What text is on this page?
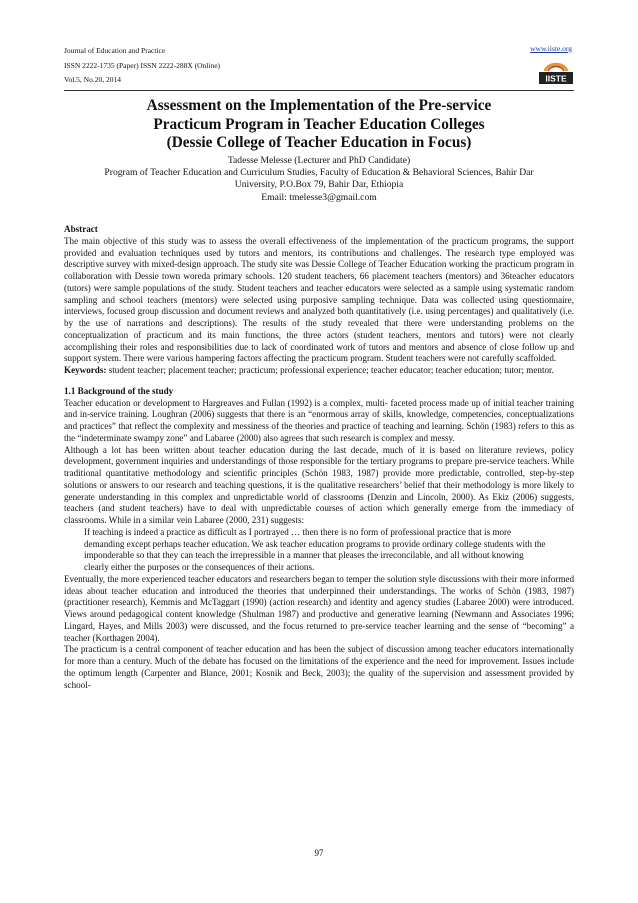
Journal of Education and Practice
ISSN 2222-1735 (Paper) ISSN 2222-288X (Online)
Vol.5, No.20, 2014
www.iiste.org
IISTE
Assessment on the Implementation of the Pre-service
Practicum Program in Teacher Education Colleges
(Dessie College of Teacher Education in Focus)
Tadesse Melesse (Lecturer and PhD Candidate)
Program of Teacher Education and Curriculum Studies, Faculty of Education & Behavioral Sciences, Bahir Dar
University, P.O.Box 79, Bahir Dar, Ethiopia
Email: tmelesse3@gmail.com

Abstract

The main objective of this study was to assess the overall effectiveness of the implementation of the practicum programs, the support provided and evaluation techniques used by tutors and mentors, its contributions and challenges. The research type employed was descriptive survey with mixed-design approach. The study site was Dessie College of Teacher Education working the practicum program in collaboration with Dessie town woreda primary schools. 120 student teachers, 66 placement teachers (mentors) and 36teacher educators (tutors) were sample populations of the study. Student teachers and teacher educators were selected as a sample using systematic random sampling and school teachers (mentors) were selected using purposive sampling technique. Data was collected using questionnaire, interviews, focused group discussion and document reviews and analyzed both quantitatively (i.e. using percentages) and qualitatively (i.e. by the use of narrations and descriptions). The results of the study revealed that there were understanding problems on the conceptualization of practicum and its main functions, the three actors (student teachers, mentors and tutors) were not clearly accomplishing their roles and responsibilities due to lack of coordinated work of tutors and mentors and absence of close follow up and support system. There were various hampering factors affecting the practicum program. Student teachers were not carefully scaffolded.

Keywords: student teacher; placement teacher; practicum; professional experience; teacher educator; teacher education; tutor; mentor.

1.1 Background of the study

Teacher education or development to Hargreaves and Fullan (1992) is a complex, multi- faceted process made up of initial teacher training and in-service training. Loughran (2006) suggests that there is an “enormous array of skills, knowledge, competencies, conceptualizations and practices” that reflect the complexity and messiness of the theories and practice of teaching and learning. Schön (1983) refers to this as the “indeterminate swampy zone” and Labaree (2000) also agrees that such research is complex and messy.

Although a lot has been written about teacher education during the last decade, much of it is based on literature reviews, policy development, government inquiries and understandings of those responsible for the tertiary programs to prepare pre-service teachers. While traditional quantitative methodology and scientific principles (Schön 1983, 1987) provide more predictable, controlled, step-by-step solutions or answers to our research and teaching questions, it is the qualitative researchers’ belief that their methodology is more likely to generate understanding in this complex and unpredictable world of classrooms (Denzin and Lincoln, 2000). As Ekiz (2006) suggests, teachers (and student teachers) have to deal with unpredictable courses of action which generally emerge from the immediacy of classrooms. While in a similar vein Labaree (2000, 231) suggests:

If teaching is indeed a practice as difficult as I portrayed … then there is no form of professional practice that is more demanding except perhaps teacher education. We ask teacher education programs to provide ordinary college students with the imponderable so that they can teach the irrepressible in a manner that pleases the irreconcilable, and all without knowing clearly either the purposes or the consequences of their actions.

Eventually, the more experienced teacher educators and researchers began to temper the solution style discussions with their more informed ideas about teacher education and introduced the theories that underpinned their understandings. The works of Schön (1983, 1987) (practitioner research), Kemmis and McTaggart (1990) (action research) and identity and agency studies (Labaree 2000) were introduced. Views around pedagogical content knowledge (Shulman 1987) and productive and generative learning (Newmann and Associates 1996; Lingard, Hayes, and Mills 2003) were discussed, and the focus returned to pre-service teacher learning and the sense of “becoming” a teacher (Korthagen 2004).

The practicum is a central component of teacher education and has been the subject of discussion among teacher educators internationally for more than a century. Much of the debate has focused on the limitations of the experience and the need for improvement. Issues include the optimum length (Carpenter and Blance, 2001; Kosnik and Beck, 2003); the quality of the supervision and assessment provided by school-

97
